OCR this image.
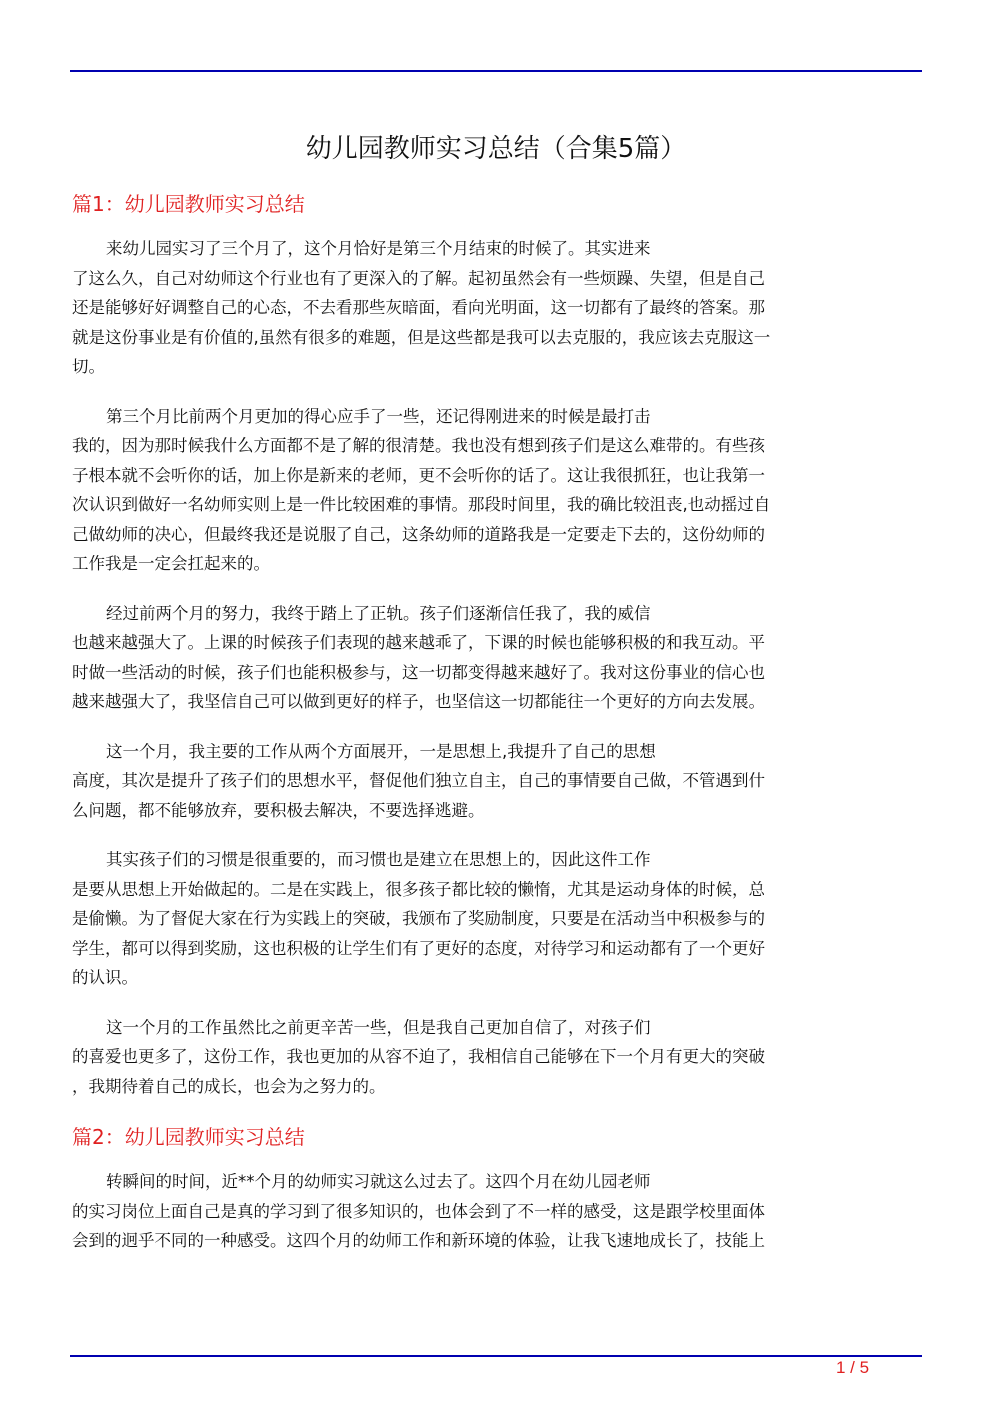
幼儿园教师实习总结（合集5篇）
篇1：幼儿园教师实习总结
来幼儿园实习了三个月了，这个月恰好是第三个月结束的时候了。其实进来
了这么久，自己对幼师这个行业也有了更深入的了解。起初虽然会有一些烦躁、失望，但是自己
还是能够好好调整自己的心态，不去看那些灰暗面，看向光明面，这一切都有了最终的答案。那
就是这份事业是有价值的,虽然有很多的难题，但是这些都是我可以去克服的，我应该去克服这一
切。
第三个月比前两个月更加的得心应手了一些，还记得刚进来的时候是最打击
我的，因为那时候我什么方面都不是了解的很清楚。我也没有想到孩子们是这么难带的。有些孩
子根本就不会听你的话，加上你是新来的老师，更不会听你的话了。这让我很抓狂，也让我第一
次认识到做好一名幼师实则上是一件比较困难的事情。那段时间里，我的确比较沮丧,也动摇过自
己做幼师的决心，但最终我还是说服了自己，这条幼师的道路我是一定要走下去的，这份幼师的
工作我是一定会扛起来的。
经过前两个月的努力，我终于踏上了正轨。孩子们逐渐信任我了，我的威信
也越来越强大了。上课的时候孩子们表现的越来越乖了，下课的时候也能够积极的和我互动。平
时做一些活动的时候，孩子们也能积极参与，这一切都变得越来越好了。我对这份事业的信心也
越来越强大了，我坚信自己可以做到更好的样子，也坚信这一切都能往一个更好的方向去发展。
这一个月，我主要的工作从两个方面展开，一是思想上,我提升了自己的思想
高度，其次是提升了孩子们的思想水平，督促他们独立自主，自己的事情要自己做，不管遇到什
么问题，都不能够放弃，要积极去解决，不要选择逃避。
其实孩子们的习惯是很重要的，而习惯也是建立在思想上的，因此这件工作
是要从思想上开始做起的。二是在实践上，很多孩子都比较的懒惰，尤其是运动身体的时候，总
是偷懒。为了督促大家在行为实践上的突破，我颁布了奖励制度，只要是在活动当中积极参与的
学生，都可以得到奖励，这也积极的让学生们有了更好的态度，对待学习和运动都有了一个更好
的认识。
这一个月的工作虽然比之前更辛苦一些，但是我自己更加自信了，对孩子们
的喜爱也更多了，这份工作，我也更加的从容不迫了，我相信自己能够在下一个月有更大的突破
，我期待着自己的成长，也会为之努力的。
篇2：幼儿园教师实习总结
转瞬间的时间，近**个月的幼师实习就这么过去了。这四个月在幼儿园老师
的实习岗位上面自己是真的学习到了很多知识的，也体会到了不一样的感受，这是跟学校里面体
会到的迥乎不同的一种感受。这四个月的幼师工作和新环境的体验，让我飞速地成长了，技能上
1 / 5
